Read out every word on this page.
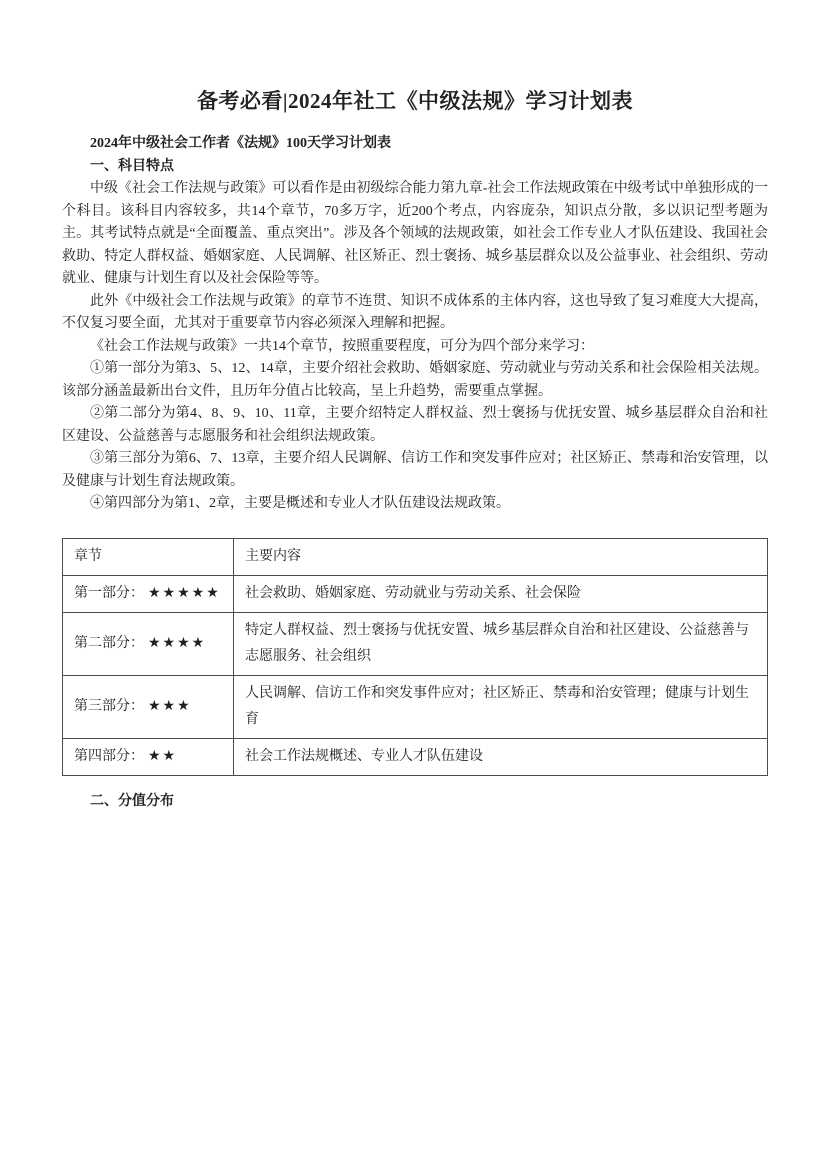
备考必看|2024年社工《中级法规》学习计划表
2024年中级社会工作者《法规》100天学习计划表
一、科目特点

中级《社会工作法规与政策》可以看作是由初级综合能力第九章-社会工作法规政策在中级考试中单独形成的一个科目。该科目内容较多，共14个章节，70多万字，近200个考点，内容庞杂，知识点分散，多以识记型考题为主。其考试特点就是“全面覆盖、重点突出”。涉及各个领域的法规政策，如社会工作专业人才队伍建设、我国社会救助、特定人群权益、婚姻家庭、人民调解、社区矫正、烈士褒扬、城乡基层群众以及公益事业、社会组织、劳动就业、健康与计划生育以及社会保险等等。

此外《中级社会工作法规与政策》的章节不连贯、知识不成体系的主体内容，这也导致了复习难度大大提高，不仅复习要全面，尤其对于重要章节内容必须深入理解和把握。

《社会工作法规与政策》一共14个章节，按照重要程度，可分为四个部分来学习：

①第一部分为第3、5、12、14章，主要介绍社会救助、婚姻家庭、劳动就业与劳动关系和社会保险相关法规。该部分涵盖最新出台文件，且历年分值占比较高，呈上升趋势，需要重点掌握。

②第二部分为第4、8、9、10、11章，主要介绍特定人群权益、烈士褒扬与优抚安置、城乡基层群众自治和社区建设、公益慈善与志愿服务和社会组织法规政策。

③第三部分为第6、7、13章，主要介绍人民调解、信访工作和突发事件应对；社区矫正、禁毒和治安管理，以及健康与计划生育法规政策。

④第四部分为第1、2章，主要是概述和专业人才队伍建设法规政策。

章节	主要内容
第一部分： ★★★★★	社会救助、婚姻家庭、劳动就业与劳动关系、社会保险
第二部分： ★★★★	特定人群权益、烈士褒扬与优抚安置、城乡基层群众自治和社区建设、公益慈善与志愿服务、社会组织
第三部分： ★★★	人民调解、信访工作和突发事件应对；社区矫正、禁毒和治安管理；健康与计划生育
第四部分： ★★	社会工作法规概述、专业人才队伍建设
二、分值分布
